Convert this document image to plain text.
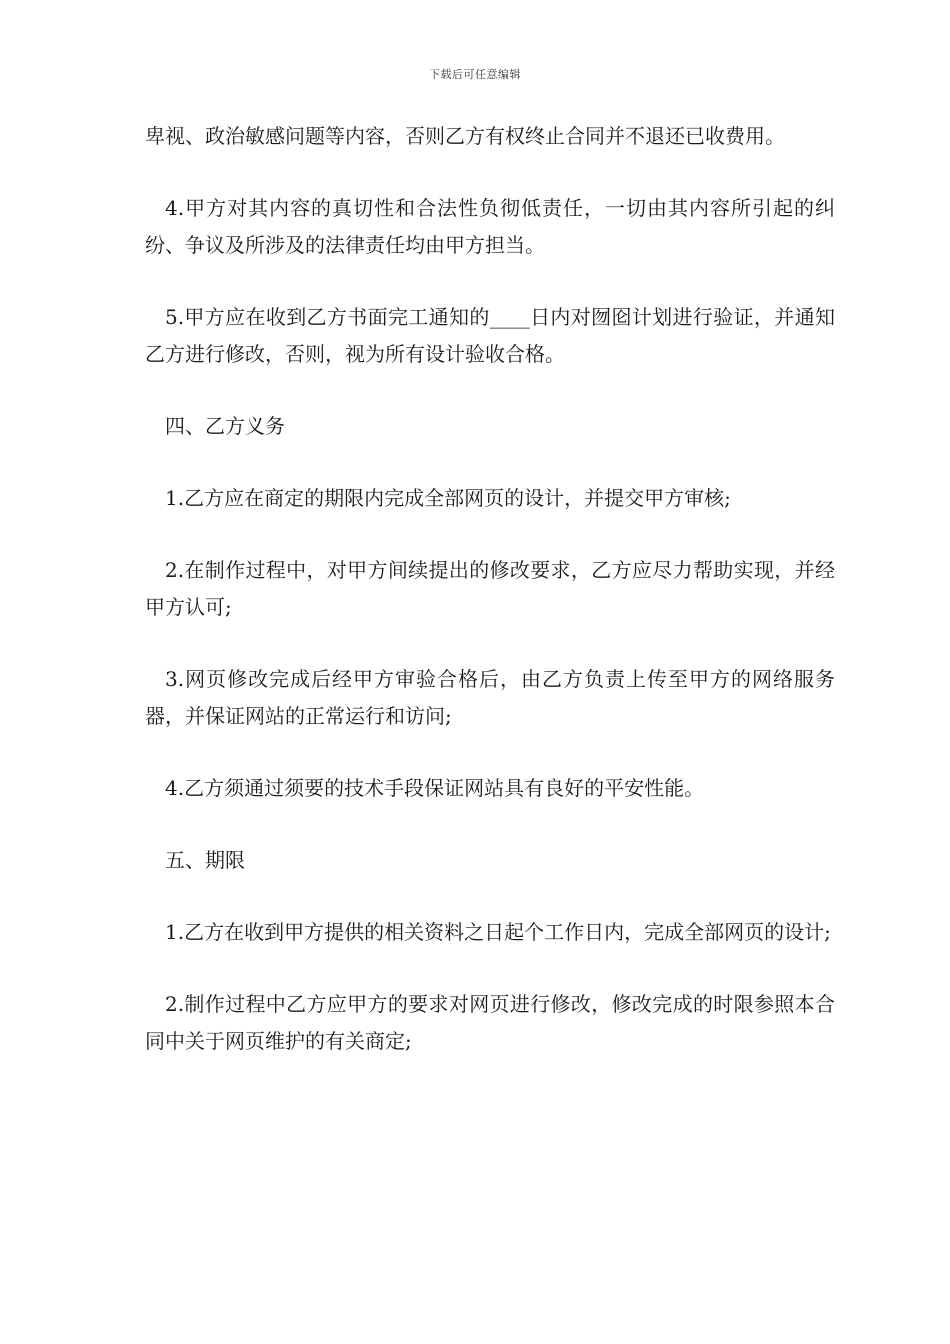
下载后可任意编辑

卑视、政治敏感问题等内容，否则乙方有权终止合同并不退还已收费用。

4.甲方对其内容的真切性和合法性负彻低责任，一切由其内容所引起的纠纷、争议及所涉及的法律责任均由甲方担当。

5.甲方应在收到乙方书面完工通知的____日内对囫囵计划进行验证，并通知乙方进行修改，否则，视为所有设计验收合格。

四、乙方义务

1.乙方应在商定的期限内完成全部网页的设计，并提交甲方审核;

2.在制作过程中，对甲方间续提出的修改要求，乙方应尽力帮助实现，并经甲方认可;

3.网页修改完成后经甲方审验合格后，由乙方负责上传至甲方的网络服务器，并保证网站的正常运行和访问;

4.乙方须通过须要的技术手段保证网站具有良好的平安性能。

五、期限

1.乙方在收到甲方提供的相关资料之日起个工作日内，完成全部网页的设计;

2.制作过程中乙方应甲方的要求对网页进行修改，修改完成的时限参照本合同中关于网页维护的有关商定;
